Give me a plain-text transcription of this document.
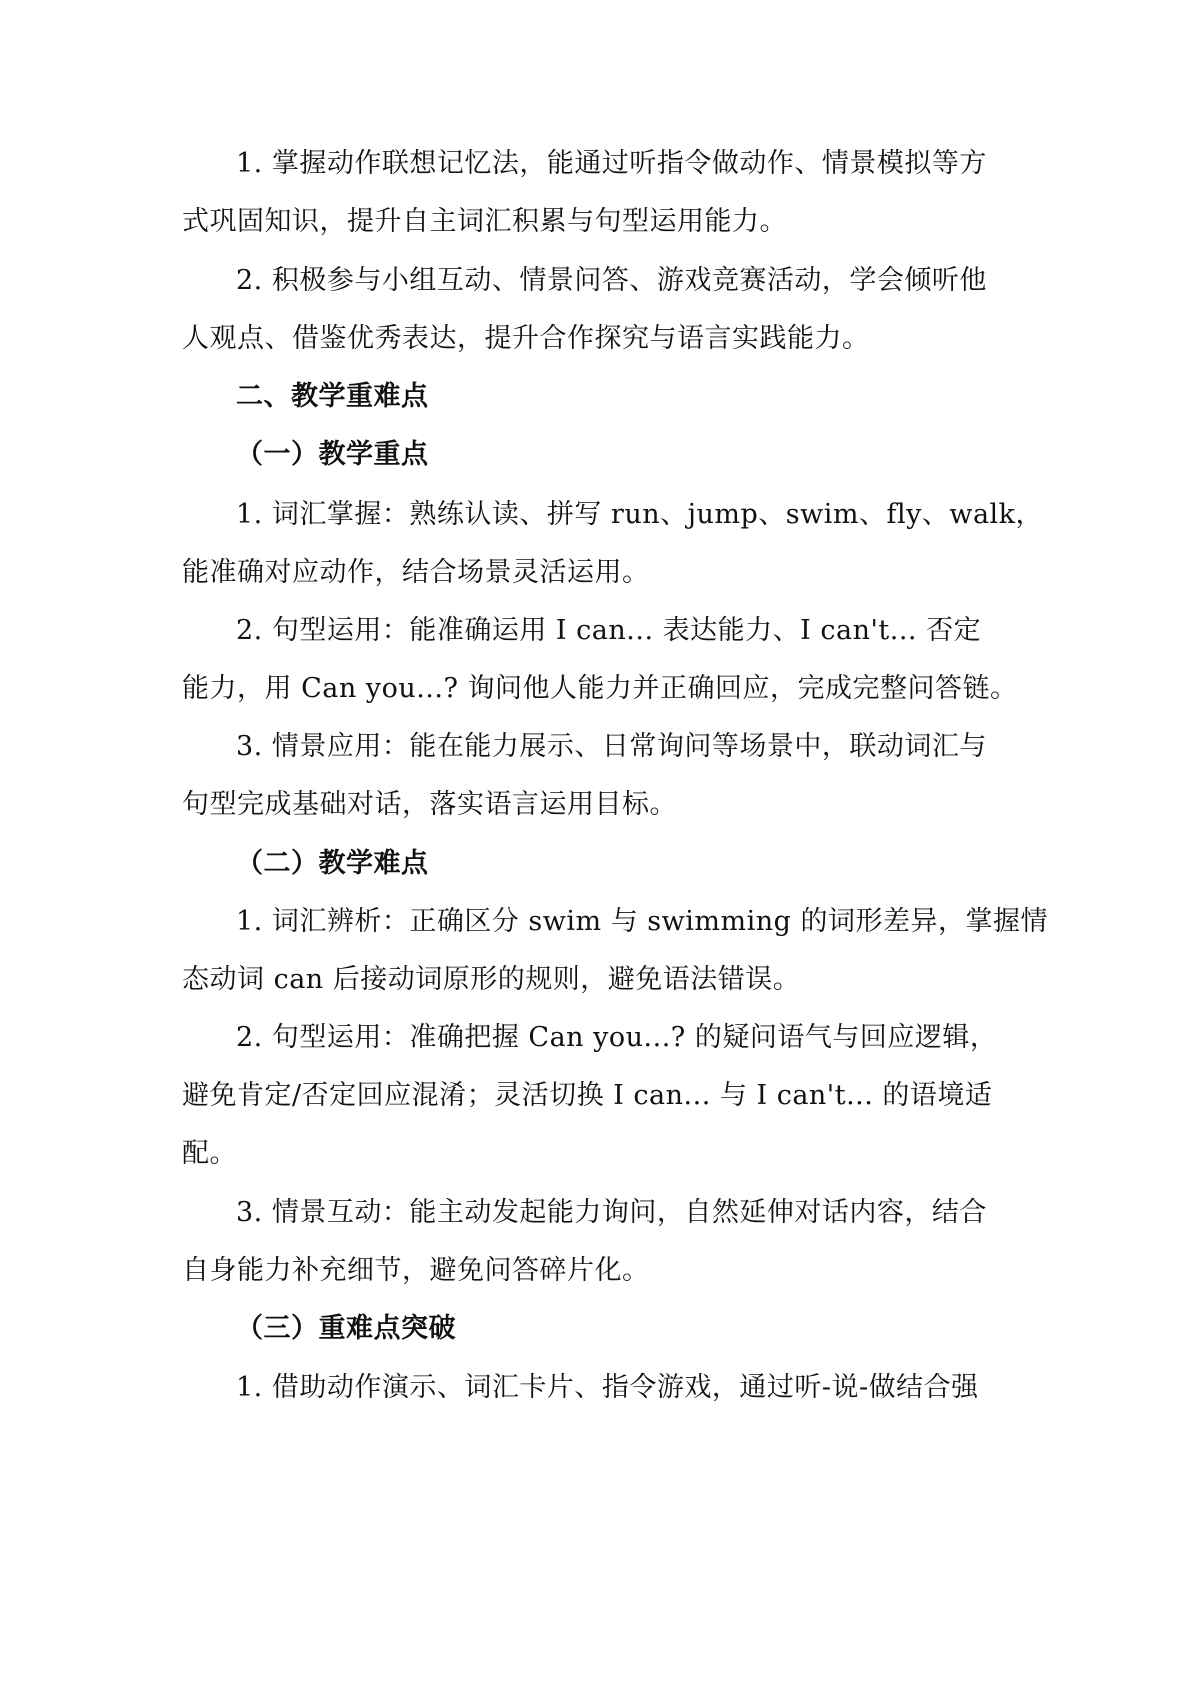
1. 掌握动作联想记忆法，能通过听指令做动作、情景模拟等方

式巩固知识，提升自主词汇积累与句型运用能力。

2. 积极参与小组互动、情景问答、游戏竞赛活动，学会倾听他

人观点、借鉴优秀表达，提升合作探究与语言实践能力。

二、教学重难点

（一）教学重点

1. 词汇掌握：熟练认读、拼写 run、jump、swim、fly、walk，

能准确对应动作，结合场景灵活运用。

2. 句型运用：能准确运用 I can... 表达能力、I can't... 否定

能力，用 Can you...? 询问他人能力并正确回应，完成完整问答链。

3. 情景应用：能在能力展示、日常询问等场景中，联动词汇与

句型完成基础对话，落实语言运用目标。

（二）教学难点

1. 词汇辨析：正确区分 swim 与 swimming 的词形差异，掌握情

态动词 can 后接动词原形的规则，避免语法错误。

2. 句型运用：准确把握 Can you...? 的疑问语气与回应逻辑，

避免肯定/否定回应混淆；灵活切换 I can... 与 I can't... 的语境适

配。

3. 情景互动：能主动发起能力询问，自然延伸对话内容，结合

自身能力补充细节，避免问答碎片化。

（三）重难点突破

1. 借助动作演示、词汇卡片、指令游戏，通过听-说-做结合强
